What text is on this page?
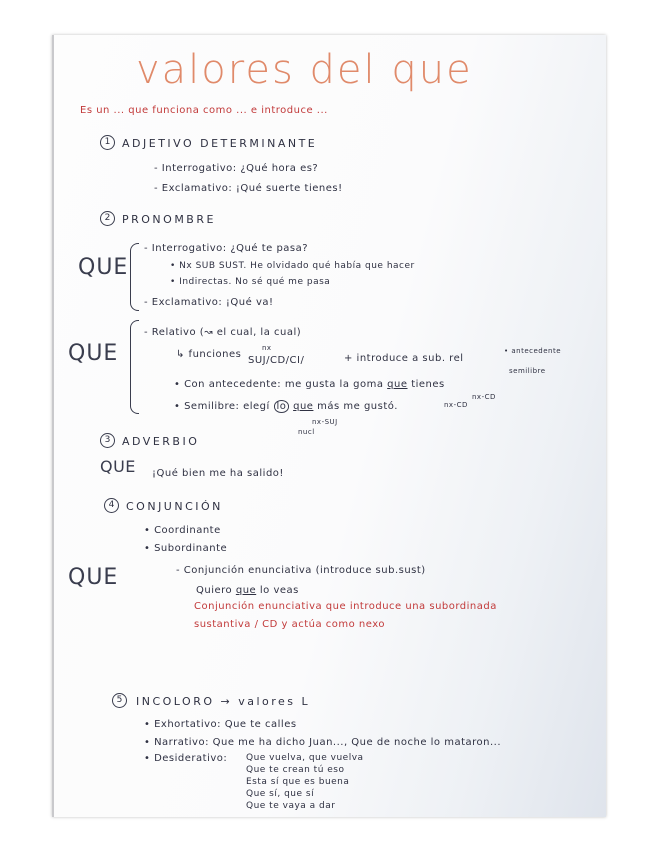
valores del que
Es un ... que funciona como ... e introduce ...
1	ADJETIVO DETERMINANTE
- Interrogativo: ¿Qué hora es?
- Exclamativo: ¡Qué suerte tienes!
2	PRONOMBRE
QUE
- Interrogativo: ¿Qué te pasa?
• Nx SUB SUST. He olvidado qué había que hacer
• Indirectas. No sé qué me pasa
- Exclamativo: ¡Qué va!
QUE
- Relativo (↝ el cual, la cual)
↳ funciones
nx
SUJ/CD/CI/	+ introduce a sub. rel
• antecedente
semilibre
• Con antecedente: me gusta la goma que tienes
nx-CD
• Semilibre: elegí lo que más me gustó.	nx-CD
nx-SUJ
nucl
3	ADVERBIO
QUE ¡Qué bien me ha salido!
4	CONJUNCIÓN
• Coordinante
• Subordinante
QUE	- Conjunción enunciativa (introduce sub.sust)
Quiero que lo veas
Conjunción enunciativa que introduce una subordinada
sustantiva / CD y actúa como nexo
5	INCOLORO → valores L
• Exhortativo: Que te calles
• Narrativo: Que me ha dicho Juan..., Que de noche lo mataron...
• Desiderativo: Que vuelva, que vuelva
Que te crean tú eso
Esta sí que es buena
Que sí, que sí
Que te vaya a dar
